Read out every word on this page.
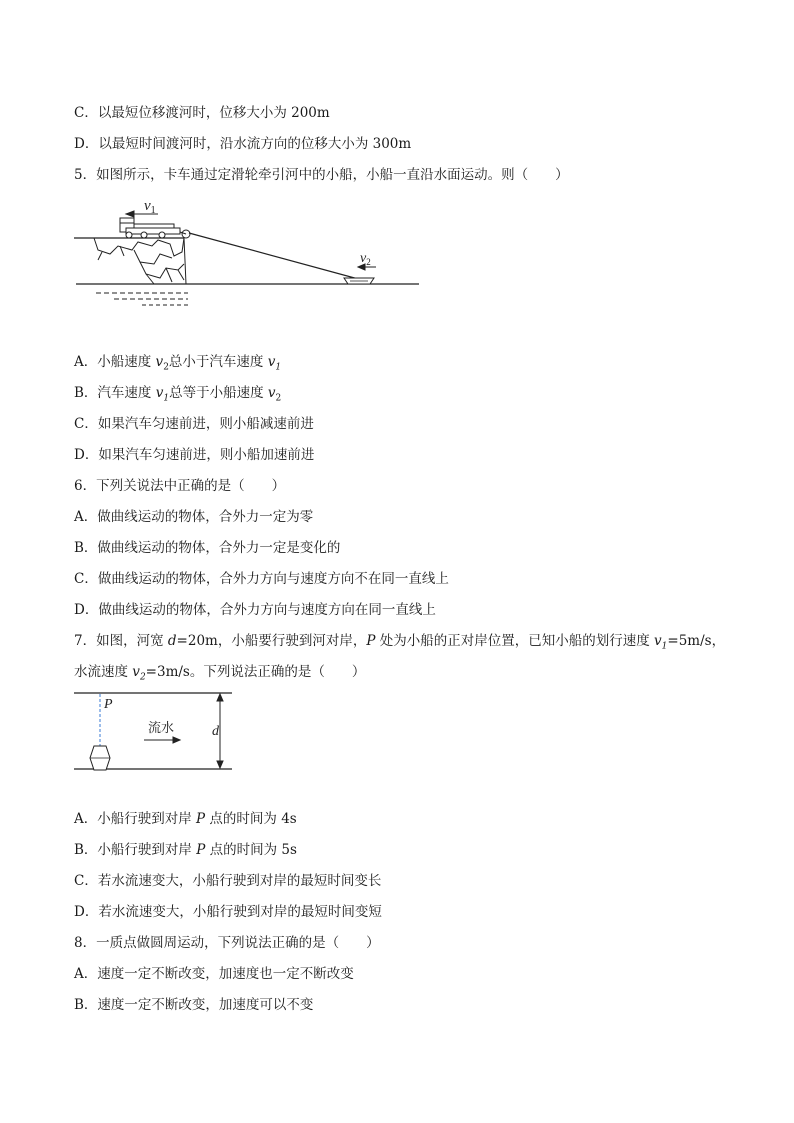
C．以最短位移渡河时，位移大小为 200m
D．以最短时间渡河时，沿水流方向的位移大小为 300m
5．如图所示，卡车通过定滑轮牵引河中的小船，小船一直沿水面运动。则（　　）
$v_1$
$v_2$
A．小船速度 $v_2$总小于汽车速度 $v_1$
B．汽车速度 $v_1$总等于小船速度 $v_2$
C．如果汽车匀速前进，则小船减速前进
D．如果汽车匀速前进，则小船加速前进
6．下列关说法中正确的是（　　）
A．做曲线运动的物体，合外力一定为零
B．做曲线运动的物体，合外力一定是变化的
C．做曲线运动的物体，合外力方向与速度方向不在同一直线上
D．做曲线运动的物体，合外力方向与速度方向在同一直线上
7．如图，河宽 d=20m，小船要行驶到河对岸，P 处为小船的正对岸位置，已知小船的划行速度 $v_1=5m/s$，
水流速度 $v_2=3m/s$。下列说法正确的是（　　）
P
流水	d
A．小船行驶到对岸 P 点的时间为 4s
B．小船行驶到对岸 P 点的时间为 5s
C．若水流速变大，小船行驶到对岸的最短时间变长
D．若水流速变大，小船行驶到对岸的最短时间变短
8．一质点做圆周运动，下列说法正确的是（　　）
A．速度一定不断改变，加速度也一定不断改变
B．速度一定不断改变，加速度可以不变
